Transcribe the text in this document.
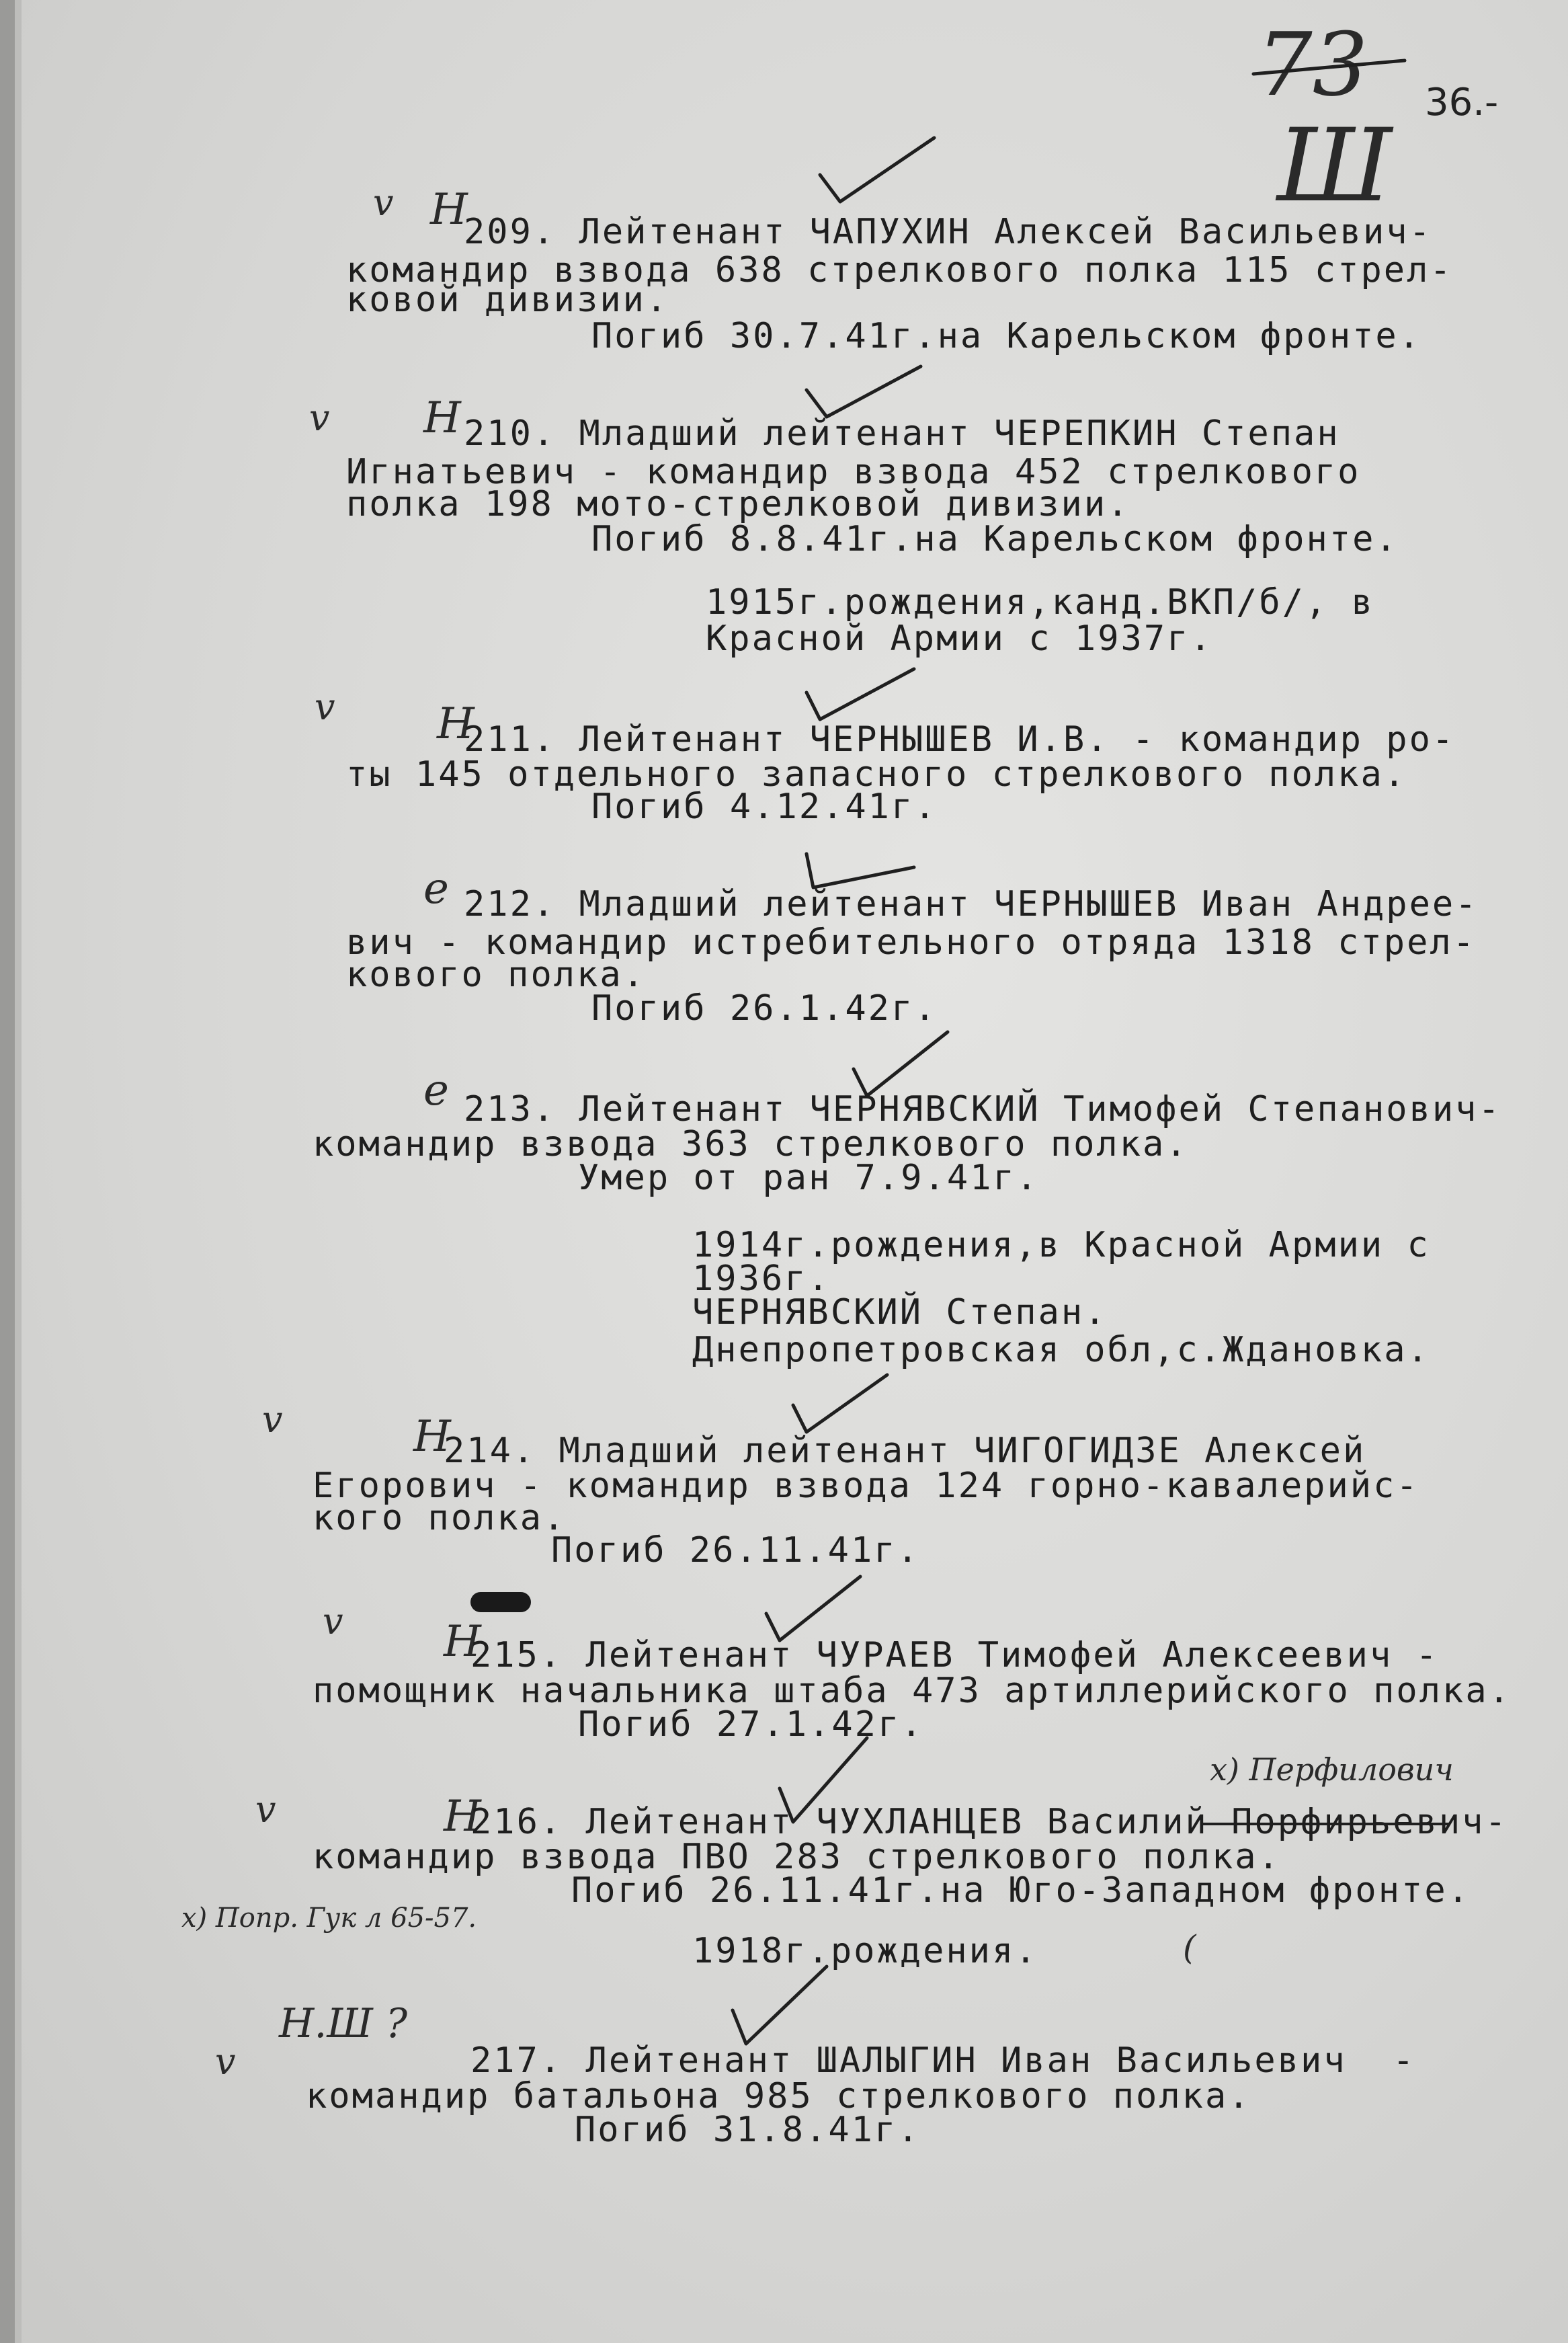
73
Ш
36.-
v Н
209. Лейтенант ЧАПУХИН Алексей Васильевич-
командир взвода 638 стрелкового полка 115 стрел-
ковой дивизии.
Погиб 30.7.41г.на Карельском фронте.
v Н 210. Младший лейтенант ЧЕРЕПКИН Степан
Игнатьевич - командир взвода 452 стрелкового
полка 198 мото-стрелковой дивизии.
Погиб 8.8.41г.на Карельском фронте.
1915г.рождения,канд.ВКП/б/, в
Красной Армии с 1937г.
v Н
211. Лейтенант ЧЕРНЫШЕВ И.В. - командир ро-
ты 145 отдельного запасного стрелкового полка.
Погиб 4.12.41г.
е 212. Младший лейтенант ЧЕРНЫШЕВ Иван Андрее-
вич - командир истребительного отряда 1318 стрел-
кового полка.
Погиб 26.1.42г.
е 213. Лейтенант ЧЕРНЯВСКИЙ Тимофей Степанович-
командир взвода 363 стрелкового полка.
Умер от ран 7.9.41г.
1914г.рождения,в Красной Армии с
1936г.
ЧЕРНЯВСКИЙ Степан.
Днепропетровская обл,с.Ждановка.
v	Н
214. Младший лейтенант ЧИГОГИДЗЕ Алексей
Егорович - командир взвода 124 горно-кавалерийс-
кого полка.
Погиб 26.11.41г.
v Н
215. Лейтенант ЧУРАЕВ Тимофей Алексеевич -
помощник начальника штаба 473 артиллерийского полка.
Погиб 27.1.42г.
х) Перфилович
v	Н
216. Лейтенант ЧУХЛАНЦЕВ Василий Порфирьевич-
командир взвода ПВО 283 стрелкового полка.
Погиб 26.11.41г.на Юго-Западном фронте.
х) Попр. Гук л 65-57.
1918г.рождения.	(
Н.Ш ?
v	217. Лейтенант ШАЛЫГИН Иван Васильевич  -
командир батальона 985 стрелкового полка.
Погиб 31.8.41г.
